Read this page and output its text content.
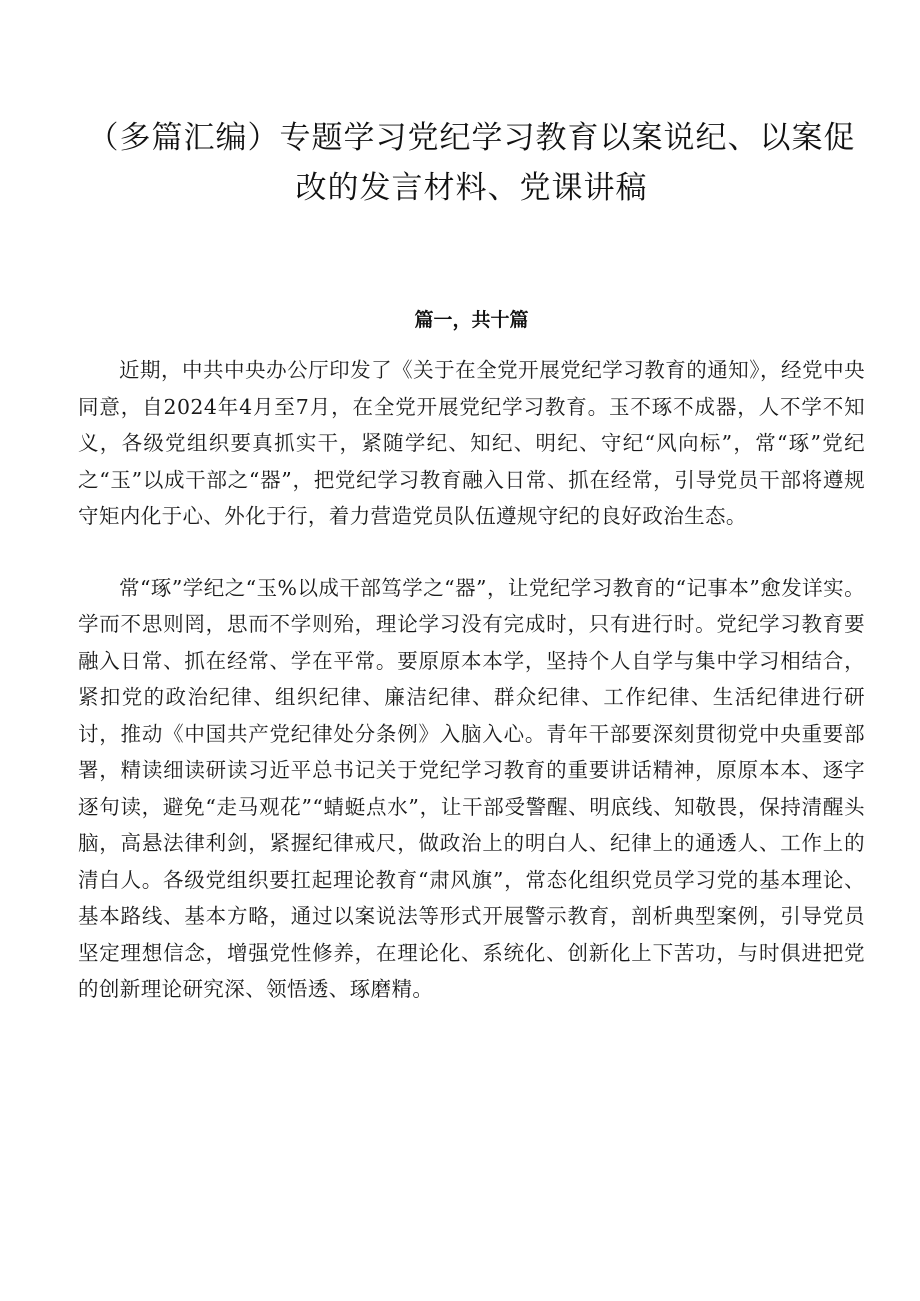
（多篇汇编）专题学习党纪学习教育以案说纪、以案促改的发言材料、党课讲稿
篇一，共十篇

近期，中共中央办公厅印发了《关于在全党开展党纪学习教育的通知》，经党中央同意，自2024年4月至7月，在全党开展党纪学习教育。玉不琢不成器，人不学不知义，各级党组织要真抓实干，紧随学纪、知纪、明纪、守纪“风向标”，常“琢”党纪之“玉”以成干部之“器”，把党纪学习教育融入日常、抓在经常，引导党员干部将遵规守矩内化于心、外化于行，着力营造党员队伍遵规守纪的良好政治生态。

常“琢”学纪之“玉%以成干部笃学之“器”，让党纪学习教育的“记事本”愈发详实。学而不思则罔，思而不学则殆，理论学习没有完成时，只有进行时。党纪学习教育要融入日常、抓在经常、学在平常。要原原本本学，坚持个人自学与集中学习相结合，紧扣党的政治纪律、组织纪律、廉洁纪律、群众纪律、工作纪律、生活纪律进行研讨，推动《中国共产党纪律处分条例》入脑入心。青年干部要深刻贯彻党中央重要部署，精读细读研读习近平总书记关于党纪学习教育的重要讲话精神，原原本本、逐字逐句读，避免“走马观花”“蜻蜓点水”，让干部受警醒、明底线、知敬畏，保持清醒头脑，高悬法律利剑，紧握纪律戒尺，做政治上的明白人、纪律上的通透人、工作上的清白人。各级党组织要扛起理论教育“肃风旗”，常态化组织党员学习党的基本理论、基本路线、基本方略，通过以案说法等形式开展警示教育，剖析典型案例，引导党员坚定理想信念，增强党性修养，在理论化、系统化、创新化上下苦功，与时俱进把党的创新理论研究深、领悟透、琢磨精。
